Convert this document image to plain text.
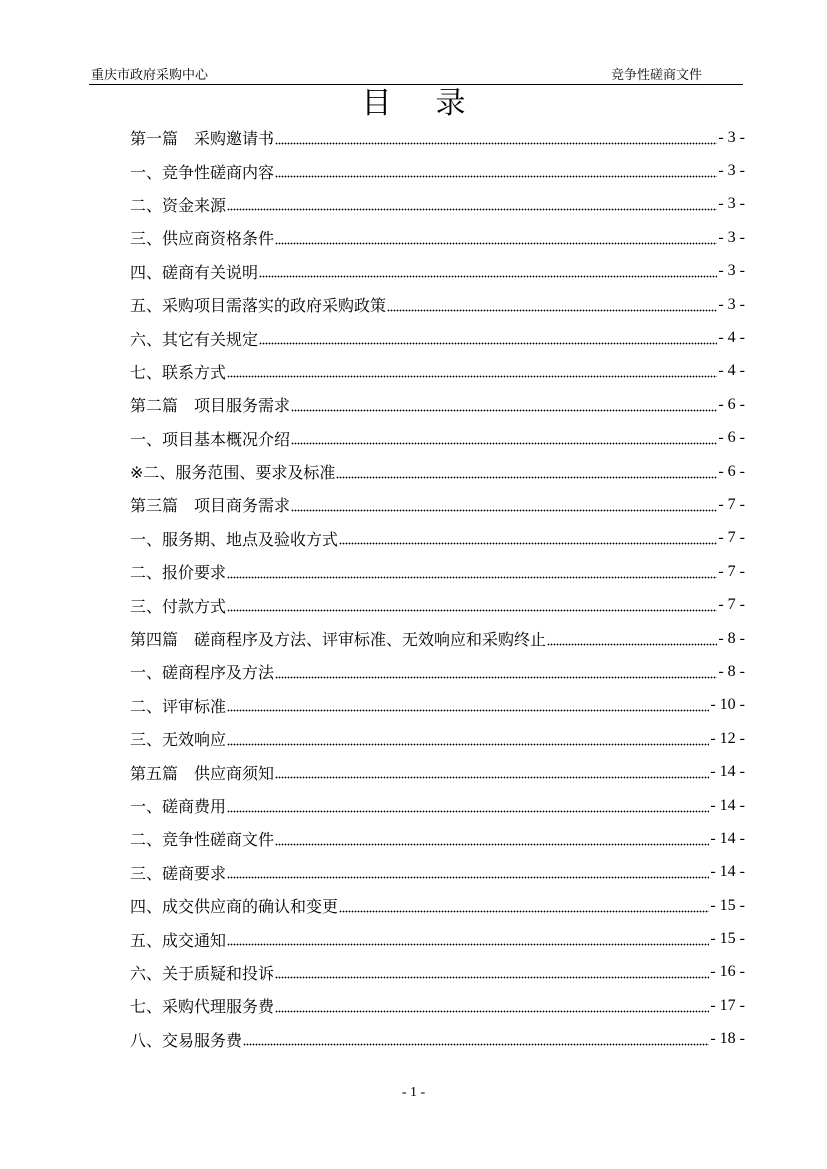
重庆市政府采购中心	竞争性磋商文件
目录
第一篇　采购邀请书	- 3 -
一、竞争性磋商内容	- 3 -
二、资金来源	- 3 -
三、供应商资格条件	- 3 -
四、磋商有关说明	- 3 -
五、采购项目需落实的政府采购政策	- 3 -
六、其它有关规定	- 4 -
七、联系方式	- 4 -
第二篇　项目服务需求	- 6 -
一、项目基本概况介绍	- 6 -
※二、服务范围、要求及标准	- 6 -
第三篇　项目商务需求	- 7 -
一、服务期、地点及验收方式	- 7 -
二、报价要求	- 7 -
三、付款方式	- 7 -
第四篇　磋商程序及方法、评审标准、无效响应和采购终止	- 8 -
一、磋商程序及方法	- 8 -
二、评审标准	- 10 -
三、无效响应	- 12 -
第五篇　供应商须知	- 14 -
一、磋商费用	- 14 -
二、竞争性磋商文件	- 14 -
三、磋商要求	- 14 -
四、成交供应商的确认和变更	- 15 -
五、成交通知	- 15 -
六、关于质疑和投诉	- 16 -
七、采购代理服务费	- 17 -
八、交易服务费	- 18 -
- 1 -
